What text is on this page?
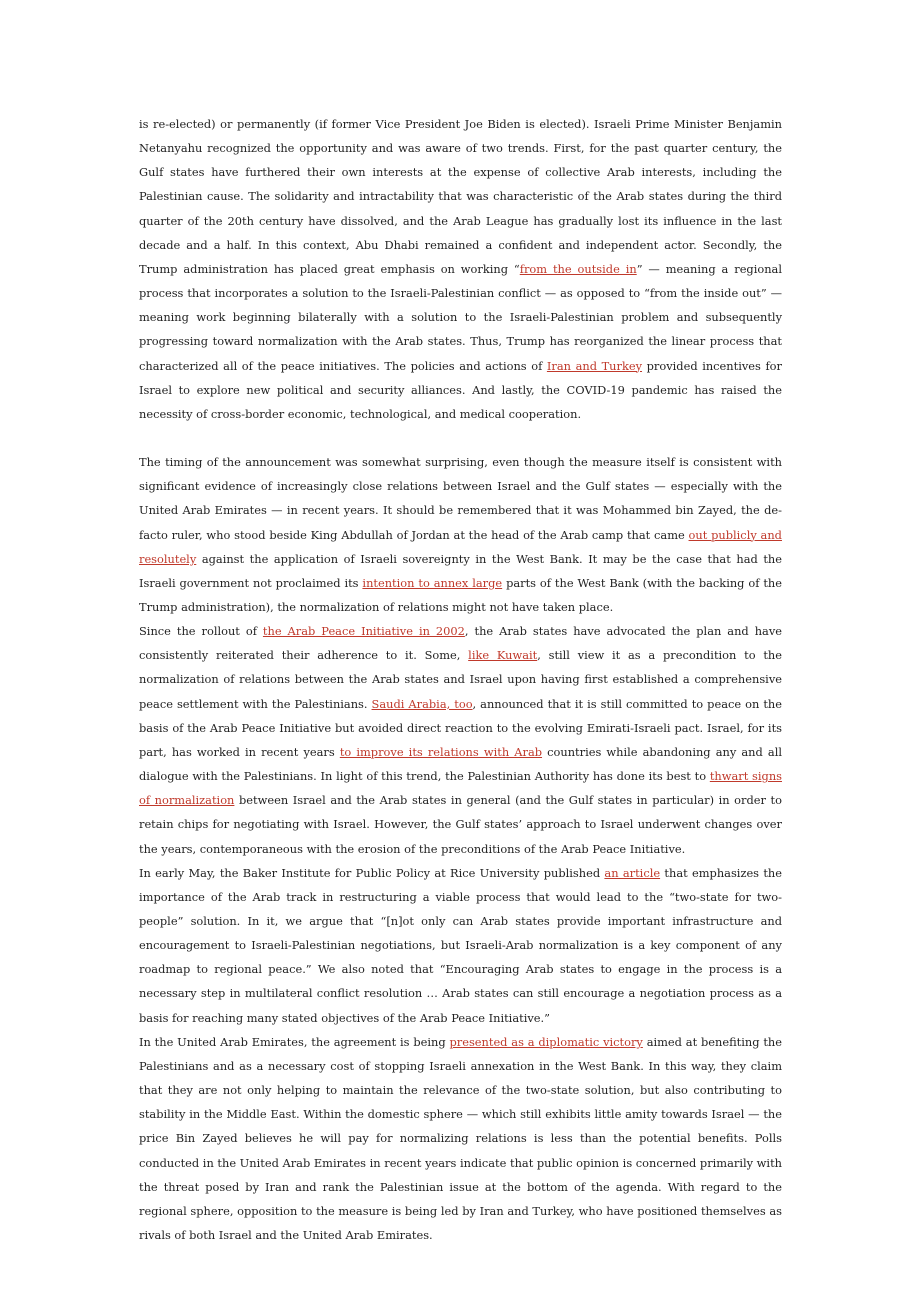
is re-elected) or permanently (if former Vice President Joe Biden is elected). Israeli Prime Minister Benjamin Netanyahu recognized the opportunity and was aware of two trends. First, for the past quarter century, the Gulf states have furthered their own interests at the expense of collective Arab interests, including the Palestinian cause. The solidarity and intractability that was characteristic of the Arab states during the third quarter of the 20th century have dissolved, and the Arab League has gradually lost its influence in the last decade and a half. In this context, Abu Dhabi remained a confident and independent actor. Secondly, the Trump administration has placed great emphasis on working “from the outside in” — meaning a regional process that incorporates a solution to the Israeli-Palestinian conflict — as opposed to “from the inside out” — meaning work beginning bilaterally with a solution to the Israeli-Palestinian problem and subsequently progressing toward normalization with the Arab states. Thus, Trump has reorganized the linear process that characterized all of the peace initiatives. The policies and actions of Iran and Turkey provided incentives for Israel to explore new political and security alliances. And lastly, the COVID-19 pandemic has raised the necessity of cross-border economic, technological, and medical cooperation.

The timing of the announcement was somewhat surprising, even though the measure itself is consistent with significant evidence of increasingly close relations between Israel and the Gulf states — especially with the United Arab Emirates — in recent years. It should be remembered that it was Mohammed bin Zayed, the de-facto ruler, who stood beside King Abdullah of Jordan at the head of the Arab camp that came out publicly and resolutely against the application of Israeli sovereignty in the West Bank. It may be the case that had the Israeli government not proclaimed its intention to annex large parts of the West Bank (with the backing of the Trump administration), the normalization of relations might not have taken place.

Since the rollout of the Arab Peace Initiative in 2002, the Arab states have advocated the plan and have consistently reiterated their adherence to it. Some, like Kuwait, still view it as a precondition to the normalization of relations between the Arab states and Israel upon having first established a comprehensive peace settlement with the Palestinians. Saudi Arabia, too, announced that it is still committed to peace on the basis of the Arab Peace Initiative but avoided direct reaction to the evolving Emirati-Israeli pact. Israel, for its part, has worked in recent years to improve its relations with Arab countries while abandoning any and all dialogue with the Palestinians. In light of this trend, the Palestinian Authority has done its best to thwart signs of normalization between Israel and the Arab states in general (and the Gulf states in particular) in order to retain chips for negotiating with Israel. However, the Gulf states’ approach to Israel underwent changes over the years, contemporaneous with the erosion of the preconditions of the Arab Peace Initiative.

In early May, the Baker Institute for Public Policy at Rice University published an article that emphasizes the importance of the Arab track in restructuring a viable process that would lead to the “two-state for two-people” solution. In it, we argue that “[n]ot only can Arab states provide important infrastructure and encouragement to Israeli-Palestinian negotiations, but Israeli-Arab normalization is a key component of any roadmap to regional peace.” We also noted that “Encouraging Arab states to engage in the process is a necessary step in multilateral conflict resolution … Arab states can still encourage a negotiation process as a basis for reaching many stated objectives of the Arab Peace Initiative.”

In the United Arab Emirates, the agreement is being presented as a diplomatic victory aimed at benefiting the Palestinians and as a necessary cost of stopping Israeli annexation in the West Bank. In this way, they claim that they are not only helping to maintain the relevance of the two-state solution, but also contributing to stability in the Middle East. Within the domestic sphere — which still exhibits little amity towards Israel — the price Bin Zayed believes he will pay for normalizing relations is less than the potential benefits. Polls conducted in the United Arab Emirates in recent years indicate that public opinion is concerned primarily with the threat posed by Iran and rank the Palestinian issue at the bottom of the agenda. With regard to the regional sphere, opposition to the measure is being led by Iran and Turkey, who have positioned themselves as rivals of both Israel and the United Arab Emirates.
